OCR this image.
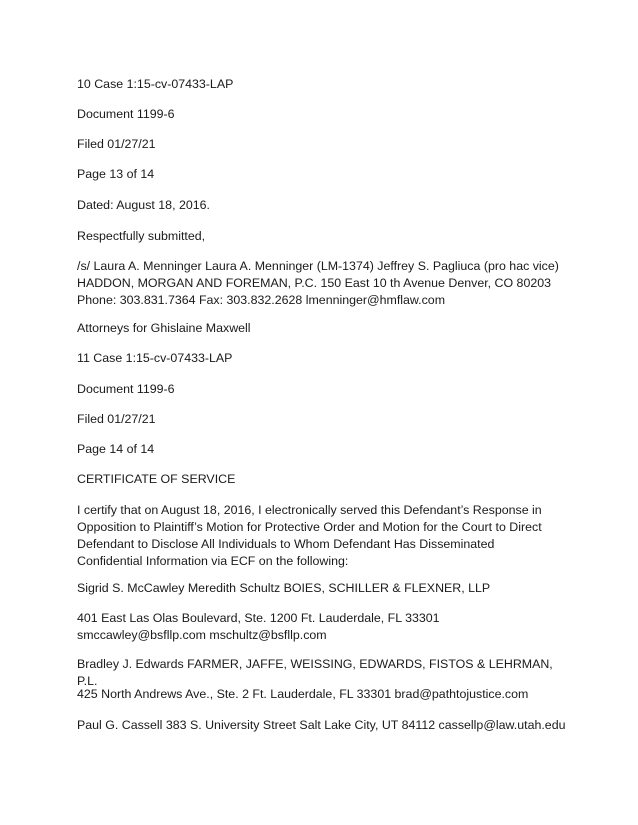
10 Case 1:15-cv-07433-LAP

Document 1199-6

Filed 01/27/21

Page 13 of 14

Dated: August 18, 2016.

Respectfully submitted,

/s/ Laura A. Menninger Laura A. Menninger (LM-1374) Jeffrey S. Pagliuca (pro hac vice) HADDON, MORGAN AND FOREMAN, P.C. 150 East 10 th Avenue Denver, CO 80203 Phone: 303.831.7364 Fax: 303.832.2628 lmenninger@hmflaw.com

Attorneys for Ghislaine Maxwell

11 Case 1:15-cv-07433-LAP

Document 1199-6

Filed 01/27/21

Page 14 of 14

CERTIFICATE OF SERVICE

I certify that on August 18, 2016, I electronically served this Defendant’s Response in Opposition to Plaintiff’s Motion for Protective Order and Motion for the Court to Direct Defendant to Disclose All Individuals to Whom Defendant Has Disseminated Confidential Information via ECF on the following:

Sigrid S. McCawley Meredith Schultz BOIES, SCHILLER & FLEXNER, LLP

401 East Las Olas Boulevard, Ste. 1200 Ft. Lauderdale, FL 33301 smccawley@bsfllp.com mschultz@bsfllp.com

Bradley J. Edwards FARMER, JAFFE, WEISSING, EDWARDS, FISTOS & LEHRMAN, P.L.

425 North Andrews Ave., Ste. 2 Ft. Lauderdale, FL 33301 brad@pathtojustice.com

Paul G. Cassell 383 S. University Street Salt Lake City, UT 84112 cassellp@law.utah.edu
